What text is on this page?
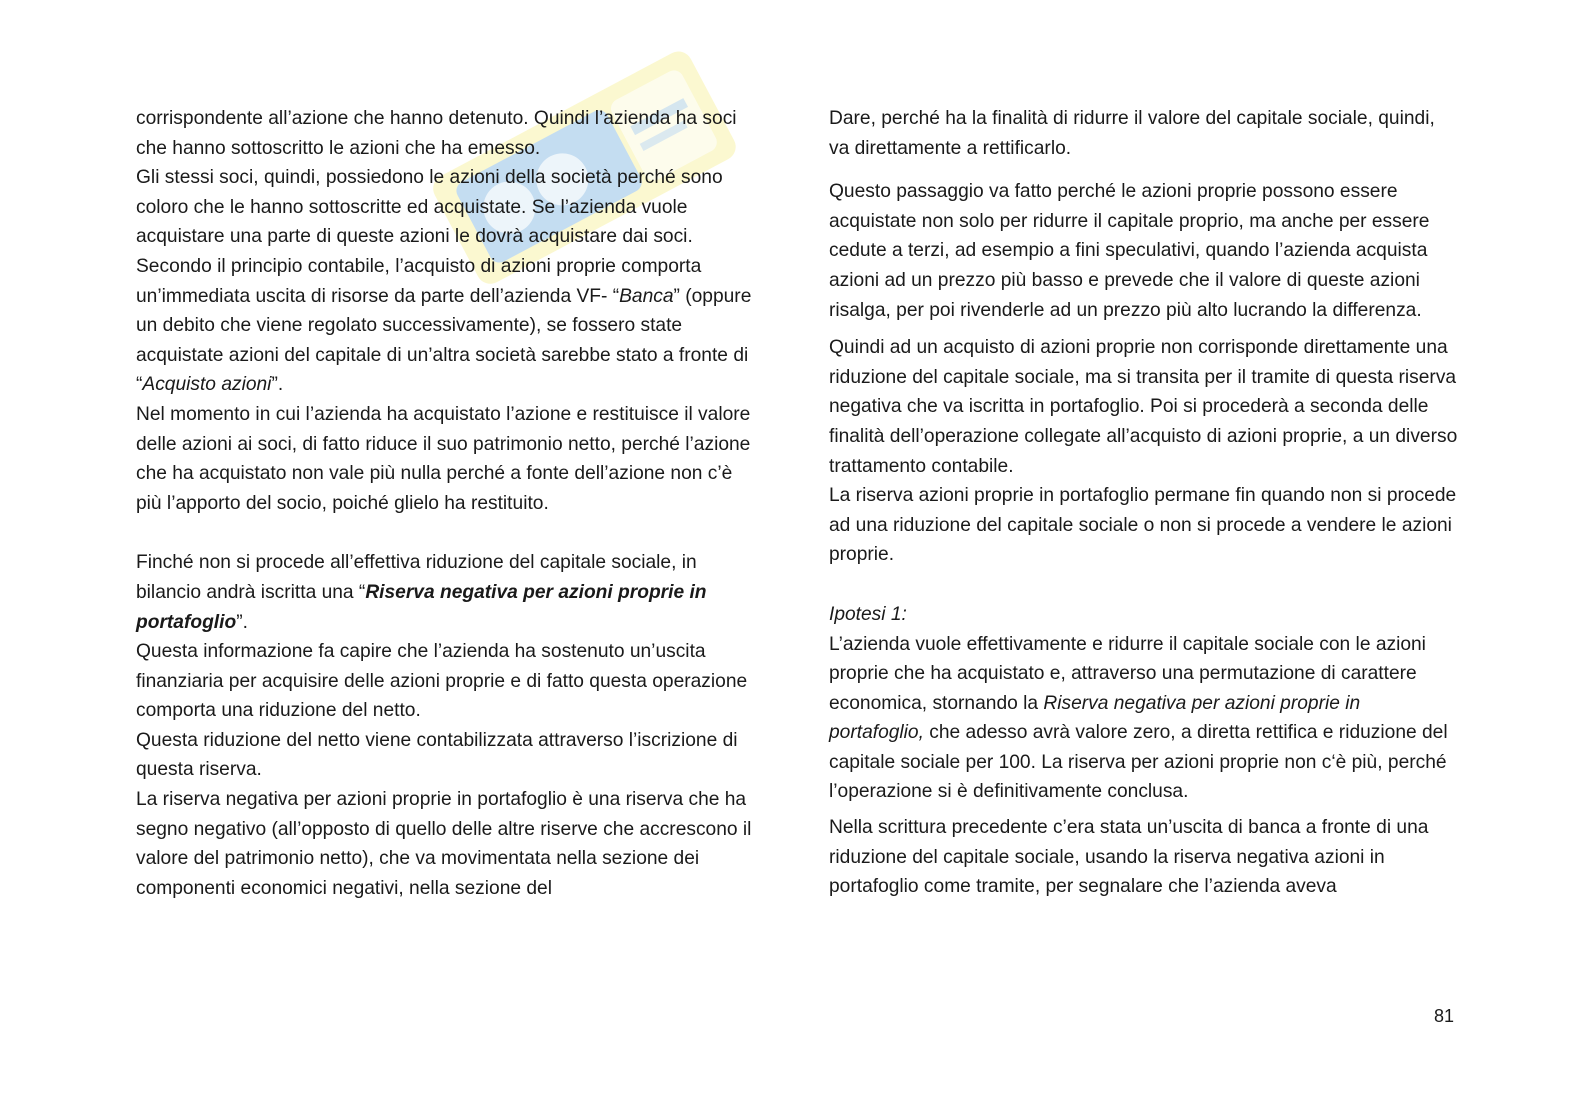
corrispondente all’azione che hanno detenuto. Quindi l’azienda ha soci che hanno sottoscritto le azioni che ha emesso.

Gli stessi soci, quindi, possiedono le azioni della società perché sono coloro che le hanno sottoscritte ed acquistate. Se l’azienda vuole acquistare una parte di queste azioni le dovrà acquistare dai soci.

Secondo il principio contabile, l’acquisto di azioni proprie comporta un’immediata uscita di risorse da parte dell’azienda VF- “Banca” (oppure un debito che viene regolato successivamente), se fossero state acquistate azioni del capitale di un’altra società sarebbe stato a fronte di “Acquisto azioni”.

Nel momento in cui l’azienda ha acquistato l’azione e restituisce il valore delle azioni ai soci, di fatto riduce il suo patrimonio netto, perché l’azione che ha acquistato non vale più nulla perché a fonte dell’azione non c’è più l’apporto del socio, poiché glielo ha restituito.

Finché non si procede all’effettiva riduzione del capitale sociale, in bilancio andrà iscritta una “Riserva negativa per azioni proprie in portafoglio”.

Questa informazione fa capire che l’azienda ha sostenuto un’uscita finanziaria per acquisire delle azioni proprie e di fatto questa operazione comporta una riduzione del netto.

Questa riduzione del netto viene contabilizzata attraverso l’iscrizione di questa riserva.

La riserva negativa per azioni proprie in portafoglio è una riserva che ha segno negativo (all’opposto di quello delle altre riserve che accrescono il valore del patrimonio netto), che va movimentata nella sezione dei componenti economici negativi, nella sezione del

Dare, perché ha la finalità di ridurre il valore del capitale sociale, quindi, va direttamente a rettificarlo.

Questo passaggio va fatto perché le azioni proprie possono essere acquistate non solo per ridurre il capitale proprio, ma anche per essere cedute a terzi, ad esempio a fini speculativi, quando l’azienda acquista azioni ad un prezzo più basso e prevede che il valore di queste azioni risalga, per poi rivenderle ad un prezzo più alto lucrando la differenza.

Quindi ad un acquisto di azioni proprie non corrisponde direttamente una riduzione del capitale sociale, ma si transita per il tramite di questa riserva negativa che va iscritta in portafoglio. Poi si procederà a seconda delle finalità dell’operazione collegate all’acquisto di azioni proprie, a un diverso trattamento contabile.

La riserva azioni proprie in portafoglio permane fin quando non si procede ad una riduzione del capitale sociale o non si procede a vendere le azioni proprie.

Ipotesi 1:

L’azienda vuole effettivamente e ridurre il capitale sociale con le azioni proprie che ha acquistato e, attraverso una permutazione di carattere economica, stornando la Riserva negativa per azioni proprie in portafoglio, che adesso avrà valore zero, a diretta rettifica e riduzione del capitale sociale per 100. La riserva per azioni proprie non c‘è più, perché l’operazione si è definitivamente conclusa.

Nella scrittura precedente c’era stata un’uscita di banca a fronte di una riduzione del capitale sociale, usando la riserva negativa azioni in portafoglio come tramite, per segnalare che l’azienda aveva

81
